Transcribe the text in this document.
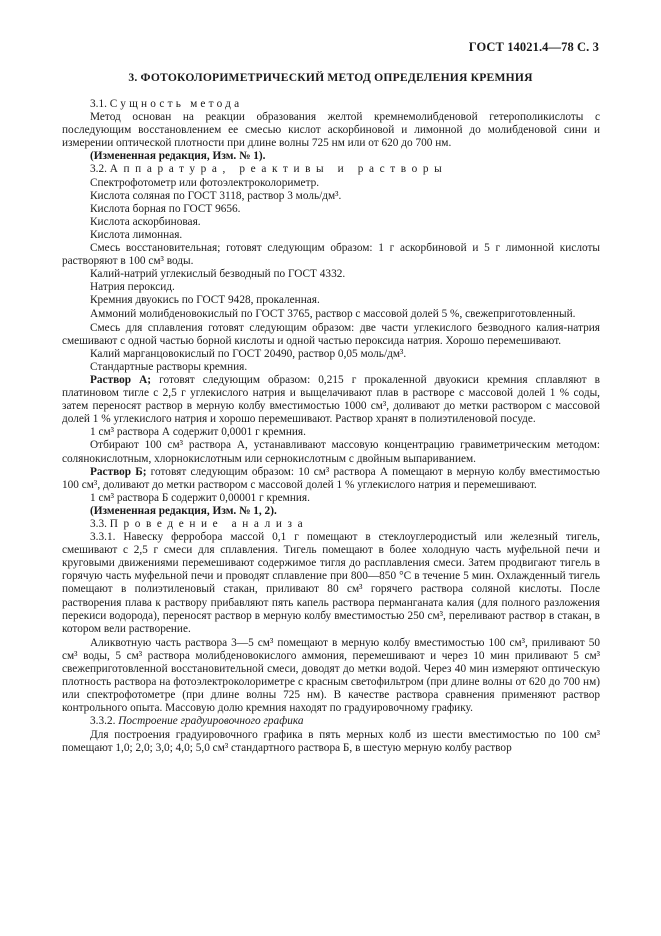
ГОСТ 14021.4—78 С. 3
3. ФОТОКОЛОРИМЕТРИЧЕСКИЙ МЕТОД ОПРЕДЕЛЕНИЯ КРЕМНИЯ

3.1. Сущность метода

Метод основан на реакции образования желтой кремнемолибденовой гетерополикислоты с последующим восстановлением ее смесью кислот аскорбиновой и лимонной до молибденовой сини и измерении оптической плотности при длине волны 725 нм или от 620 до 700 нм.

(Измененная редакция, Изм. № 1).

3.2. Аппаратура, реактивы и растворы

Спектрофотометр или фотоэлектроколориметр.

Кислота соляная по ГОСТ 3118, раствор 3 моль/дм³.

Кислота борная по ГОСТ 9656.

Кислота аскорбиновая.

Кислота лимонная.

Смесь восстановительная; готовят следующим образом: 1 г аскорбиновой и 5 г лимонной кислоты растворяют в 100 см³ воды.

Калий-натрий углекислый безводный по ГОСТ 4332.

Натрия пероксид.

Кремния двуокись по ГОСТ 9428, прокаленная.

Аммоний молибденовокислый по ГОСТ 3765, раствор с массовой долей 5 %, свежеприготовленный.

Смесь для сплавления готовят следующим образом: две части углекислого безводного калия-натрия смешивают с одной частью борной кислоты и одной частью пероксида натрия. Хорошо перемешивают.

Калий марганцовокислый по ГОСТ 20490, раствор 0,05 моль/дм³.

Стандартные растворы кремния.

Раствор А; готовят следующим образом: 0,215 г прокаленной двуокиси кремния сплавляют в платиновом тигле с 2,5 г углекислого натрия и выщелачивают плав в растворе с массовой долей 1 % соды, затем переносят раствор в мерную колбу вместимостью 1000 см³, доливают до метки раствором с массовой долей 1 % углекислого натрия и хорошо перемешивают. Раствор хранят в полиэтиленовой посуде.

1 см³ раствора А содержит 0,0001 г кремния.

Отбирают 100 см³ раствора А, устанавливают массовую концентрацию гравиметрическим методом: солянокислотным, хлорнокислотным или сернокислотным с двойным выпариванием.

Раствор Б; готовят следующим образом: 10 см³ раствора А помещают в мерную колбу вместимостью 100 см³, доливают до метки раствором с массовой долей 1 % углекислого натрия и перемешивают.

1 см³ раствора Б содержит 0,00001 г кремния.

(Измененная редакция, Изм. № 1, 2).

3.3. Проведение анализа

3.3.1. Навеску ферробора массой 0,1 г помещают в стеклоуглеродистый или железный тигель, смешивают с 2,5 г смеси для сплавления. Тигель помещают в более холодную часть муфельной печи и круговыми движениями перемешивают содержимое тигля до расплавления смеси. Затем продвигают тигель в горячую часть муфельной печи и проводят сплавление при 800—850 °С в течение 5 мин. Охлажденный тигель помещают в полиэтиленовый стакан, приливают 80 см³ горячего раствора соляной кислоты. После растворения плава к раствору прибавляют пять капель раствора перманганата калия (для полного разложения перекиси водорода), переносят раствор в мерную колбу вместимостью 250 см³, переливают раствор в стакан, в котором вели растворение.

Аликвотную часть раствора 3—5 см³ помещают в мерную колбу вместимостью 100 см³, приливают 50 см³ воды, 5 см³ раствора молибденовокислого аммония, перемешивают и через 10 мин приливают 5 см³ свежеприготовленной восстановительной смеси, доводят до метки водой. Через 40 мин измеряют оптическую плотность раствора на фотоэлектроколориметре с красным светофильтром (при длине волны от 620 до 700 нм) или спектрофотометре (при длине волны 725 нм). В качестве раствора сравнения применяют раствор контрольного опыта. Массовую долю кремния находят по градуировочному графику.

3.3.2. Построение градуировочного графика

Для построения градуировочного графика в пять мерных колб из шести вместимостью по 100 см³ помещают 1,0; 2,0; 3,0; 4,0; 5,0 см³ стандартного раствора Б, в шестую мерную колбу раствор
